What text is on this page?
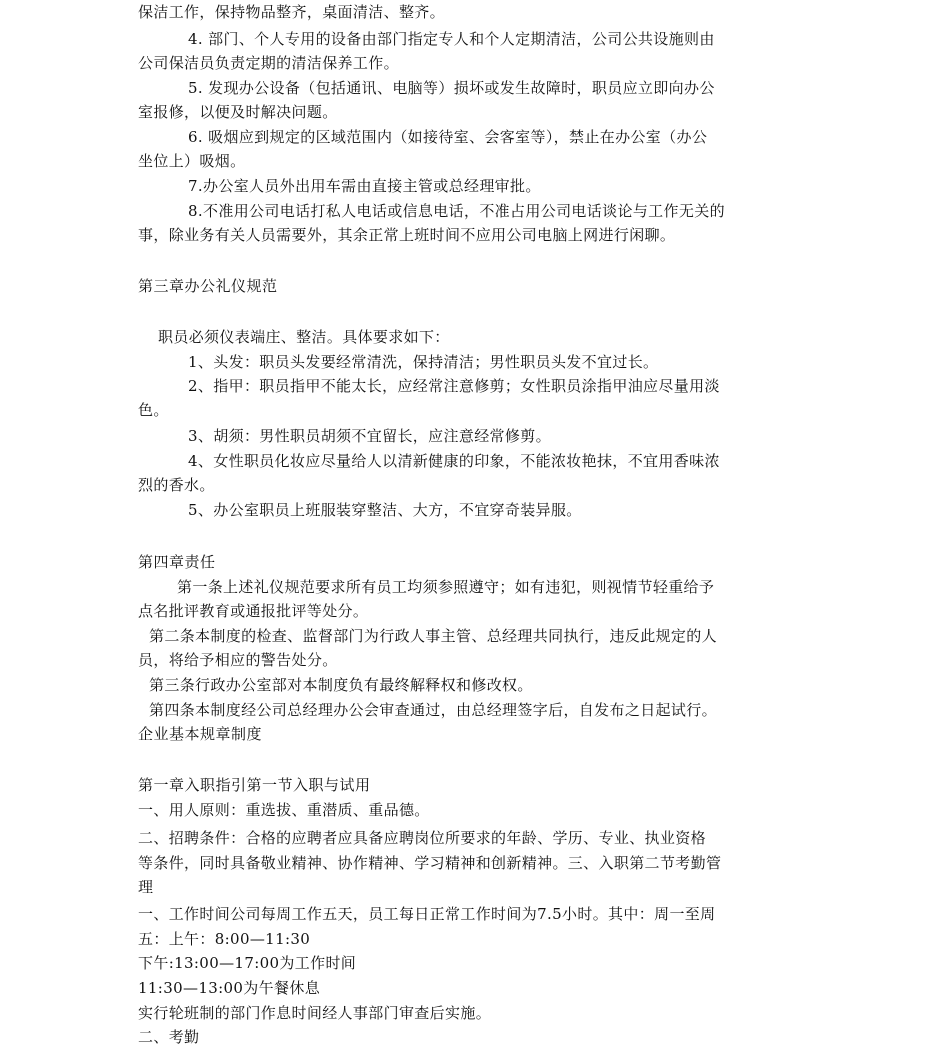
保洁工作，保持物品整齐，桌面清洁、整齐。
4. 部门、个人专用的设备由部门指定专人和个人定期清洁，公司公共设施则由
公司保洁员负责定期的清洁保养工作。
5. 发现办公设备（包括通讯、电脑等）损坏或发生故障时，职员应立即向办公
室报修，以便及时解决问题。
6. 吸烟应到规定的区域范围内（如接待室、会客室等），禁止在办公室（办公
坐位上）吸烟。
7.办公室人员外出用车需由直接主管或总经理审批。
8.不准用公司电话打私人电话或信息电话，不准占用公司电话谈论与工作无关的
事，除业务有关人员需要外，其余正常上班时间不应用公司电脑上网进行闲聊。
第三章办公礼仪规范
职员必须仪表端庄、整洁。具体要求如下：
1、头发：职员头发要经常清洗，保持清洁；男性职员头发不宜过长。
2、指甲：职员指甲不能太长，应经常注意修剪；女性职员涂指甲油应尽量用淡
色。
3、胡须：男性职员胡须不宜留长，应注意经常修剪。
4、女性职员化妆应尽量给人以清新健康的印象，不能浓妆艳抹，不宜用香味浓
烈的香水。
5、办公室职员上班服装穿整洁、大方，不宜穿奇装异服。
第四章责任
第一条上述礼仪规范要求所有员工均须参照遵守；如有违犯，则视情节轻重给予
点名批评教育或通报批评等处分。
第二条本制度的检查、监督部门为行政人事主管、总经理共同执行，违反此规定的人
员，将给予相应的警告处分。
第三条行政办公室部对本制度负有最终解释权和修改权。
第四条本制度经公司总经理办公会审查通过，由总经理签字后，自发布之日起试行。
企业基本规章制度
第一章入职指引第一节入职与试用
一、用人原则：重选拔、重潜质、重品德。
二、招聘条件：合格的应聘者应具备应聘岗位所要求的年龄、学历、专业、执业资格
等条件，同时具备敬业精神、协作精神、学习精神和创新精神。三、入职第二节考勤管
理
一、工作时间公司每周工作五天，员工每日正常工作时间为7.5小时。其中：周一至周
五：上午：8:00—11:30
下午:13:00—17:00为工作时间
11:30—13:00为午餐休息
实行轮班制的部门作息时间经人事部门审查后实施。
二、考勤
